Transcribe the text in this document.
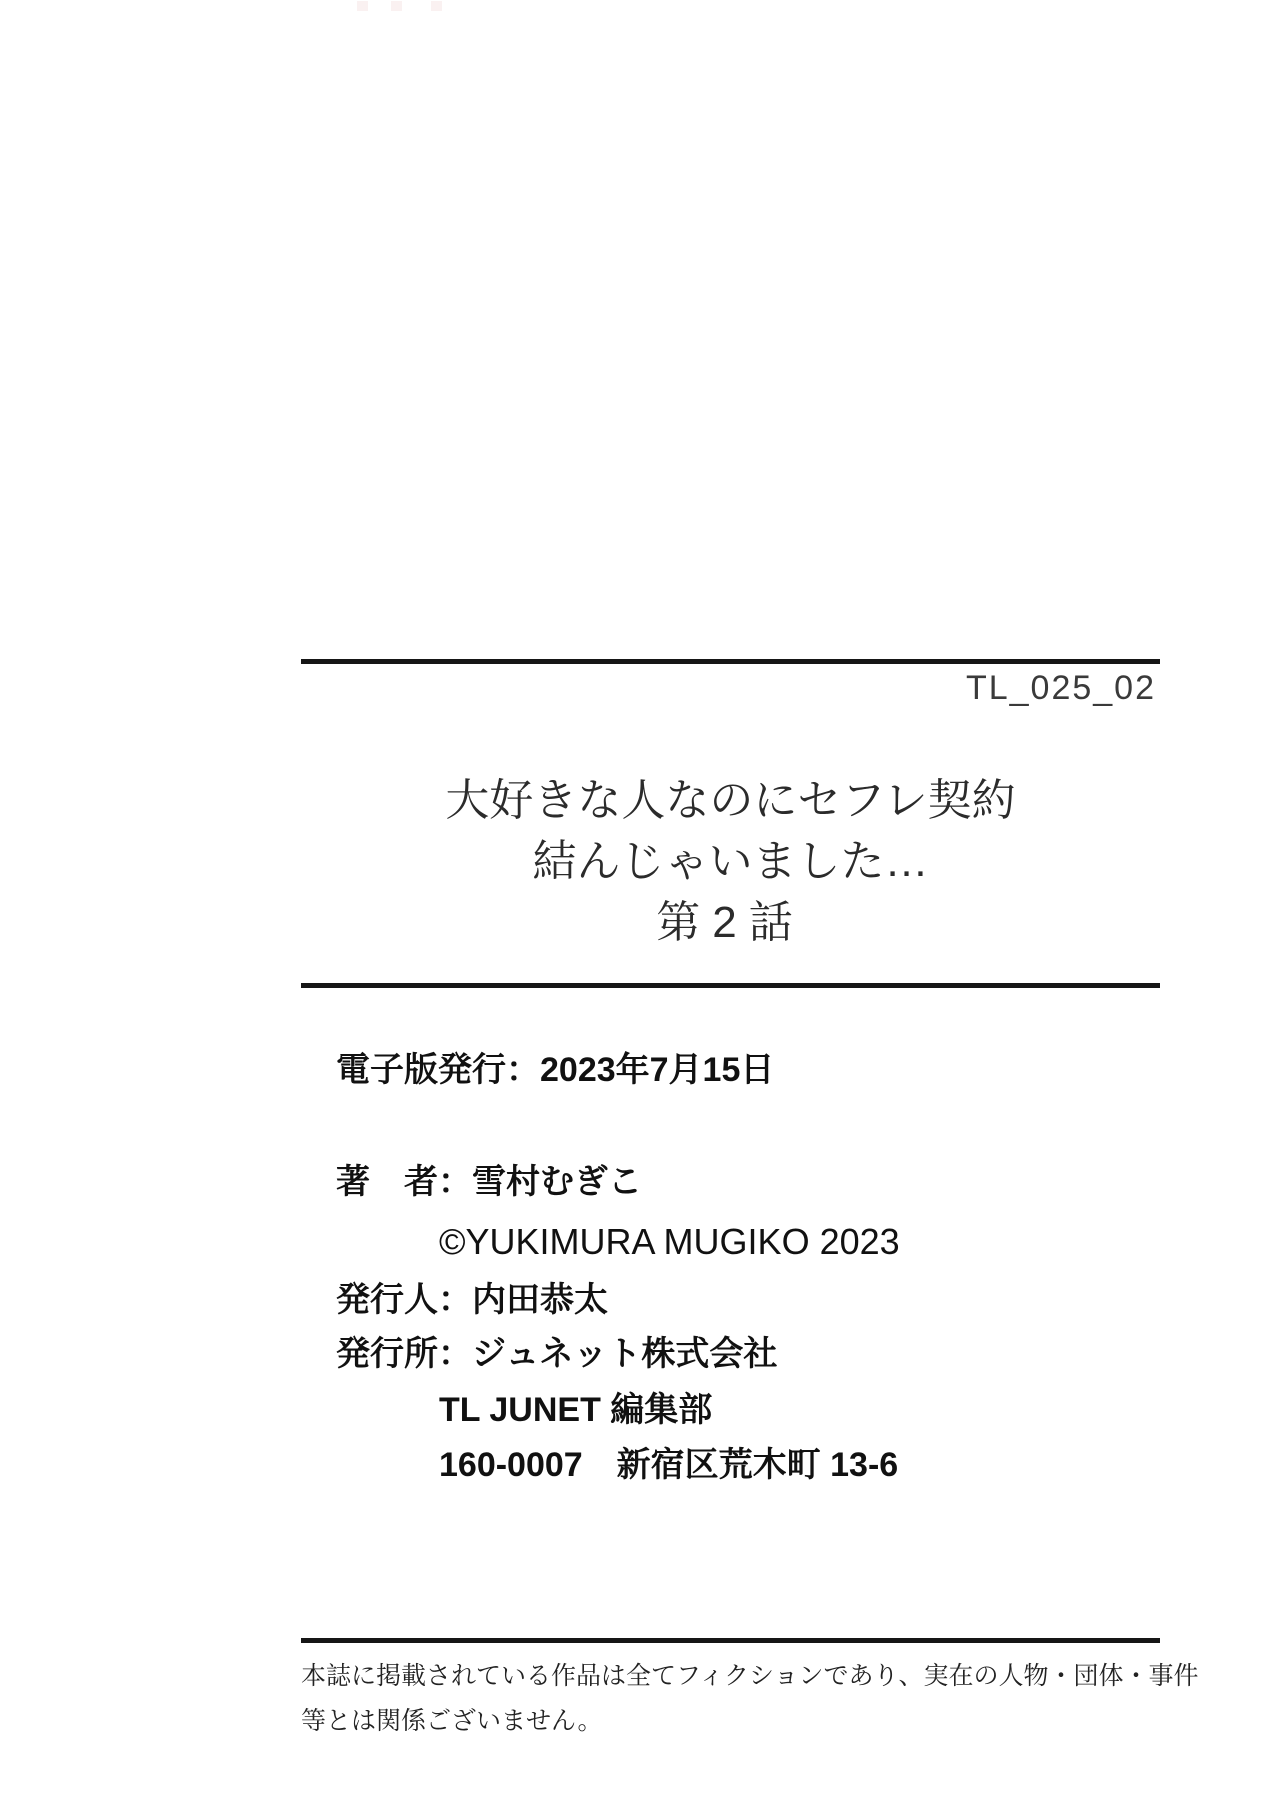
TL_025_02
大好きな人なのにセフレ契約
結んじゃいました…
第2話
電子版発行：2023年7月15日
著　者：雪村むぎこ
©YUKIMURA MUGIKO 2023
発行人：内田恭太
発行所：ジュネット株式会社
TL JUNET 編集部
160-0007　新宿区荒木町 13-6
本誌に掲載されている作品は全てフィクションであり、実在の人物・団体・事件
等とは関係ございません。
